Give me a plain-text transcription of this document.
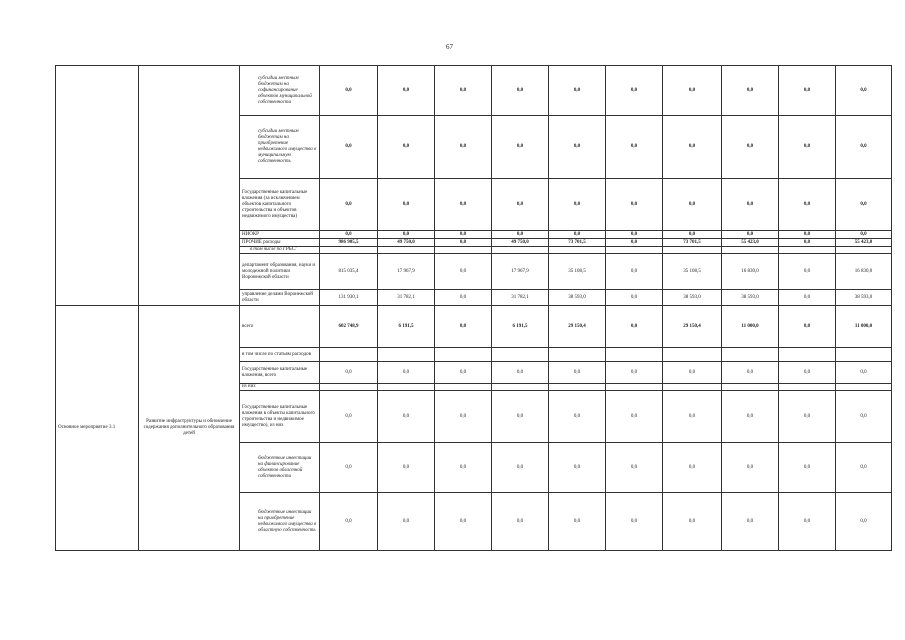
67
		субсидии местным бюджетам на софинансирование объектов муниципальной собственности	0,0	0,0	0,0	0,0	0,0	0,0	0,0	0,0	0,0	0,0
		субсидии местным бюджетам на приобретение недвижимого имущества в муниципальную собственность	0,0	0,0	0,0	0,0	0,0	0,0	0,0	0,0	0,0	0,0
		Государственные капитальные вложения (за исключением объектов капитального строительства и объектов недвижимого имущества)	0,0	0,0	0,0	0,0	0,0	0,0	0,0	0,0	0,0	0,0
		НИОКР	0,0	0,0	0,0	0,0	0,0	0,0	0,0	0,0	0,0	0,0
		ПРОЧИЕ расходы	986 905,5	49 750,0	0,0	49 750,0	73 701,5	0,0	73 701,5	55 423,0	0,0	55 423,0
		в том числе по ГРБС:										
		департамент образования, науки и молодежной политики Воронежской области	815 035,4	17 967,9	0,0	17 967,9	35 108,5	0,0	35 108,5	16 830,0	0,0	16 830,0
		управление делами Воронежской области	131 930,1	31 782,1	0,0	31 782,1	38 593,0	0,0	38 593,0	38 593,0	0,0	38 593,0
Основное мероприятие 3.1	Развитие инфраструктуры и обновление содержания дополнительного образования детей	всего	602 748,9	6 191,5	0,0	6 191,5	29 150,4	0,0	29 150,4	11 000,0	0,0	11 000,0
		в том числе по статьям расходов										
		Государственные капитальные вложения, всего	0,0	0,0	0,0	0,0	0,0	0,0	0,0	0,0	0,0	0,0
		из них										
		Государственные капитальные вложения в объекты капитального строительства и недвижимое имущество), из них	0,0	0,0	0,0	0,0	0,0	0,0	0,0	0,0	0,0	0,0
		бюджетные инвестиции на финансирование объектов областной собственности	0,0	0,0	0,0	0,0	0,0	0,0	0,0	0,0	0,0	0,0
		бюджетные инвестиции на приобретение недвижимого имущества в областную собственность	0,0	0,0	0,0	0,0	0,0	0,0	0,0	0,0	0,0	0,0
